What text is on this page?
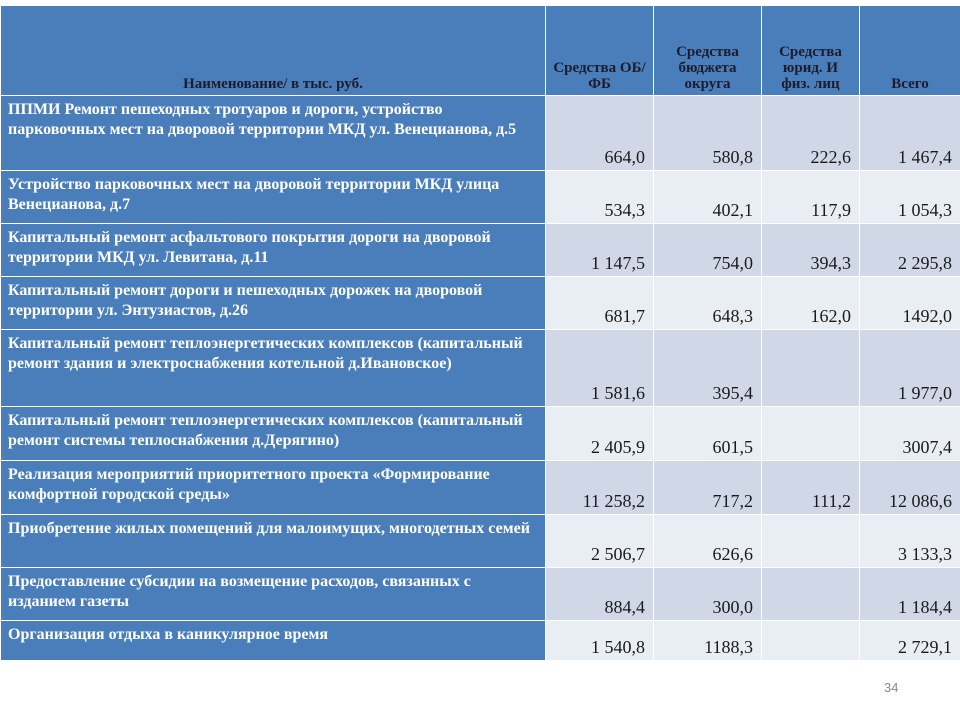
Наименование/ в тыс. руб.	Средства ОБ/ФБ	Средства бюджета округа	Средства юрид. И физ. лиц	Всего
ППМИ Ремонт пешеходных тротуаров и дороги, устройство парковочных мест на дворовой территории МКД ул. Венецианова, д.5	664,0	580,8	222,6	1 467,4
Устройство парковочных мест на дворовой территории МКД улица Венецианова, д.7	534,3	402,1	117,9	1 054,3
Капитальный ремонт асфальтового покрытия дороги на дворовой территории МКД ул. Левитана, д.11	1 147,5	754,0	394,3	2 295,8
Капитальный ремонт дороги и пешеходных дорожек на дворовой территории ул. Энтузиастов, д.26	681,7	648,3	162,0	1492,0
Капитальный ремонт теплоэнергетических комплексов (капитальный ремонт здания и электроснабжения котельной д.Ивановское)	1 581,6	395,4		1 977,0
Капитальный ремонт теплоэнергетических комплексов (капитальный ремонт системы теплоснабжения д.Дерягино)	2 405,9	601,5		3007,4
Реализация мероприятий приоритетного проекта «Формирование комфортной городской среды»	11 258,2	717,2	111,2	12 086,6
Приобретение жилых помещений для малоимущих, многодетных семей	2 506,7	626,6		3 133,3
Предоставление субсидии на возмещение расходов, связанных с изданием газеты	884,4	300,0		1 184,4
Организация отдыха в каникулярное время	1 540,8	1188,3		2 729,1
34
